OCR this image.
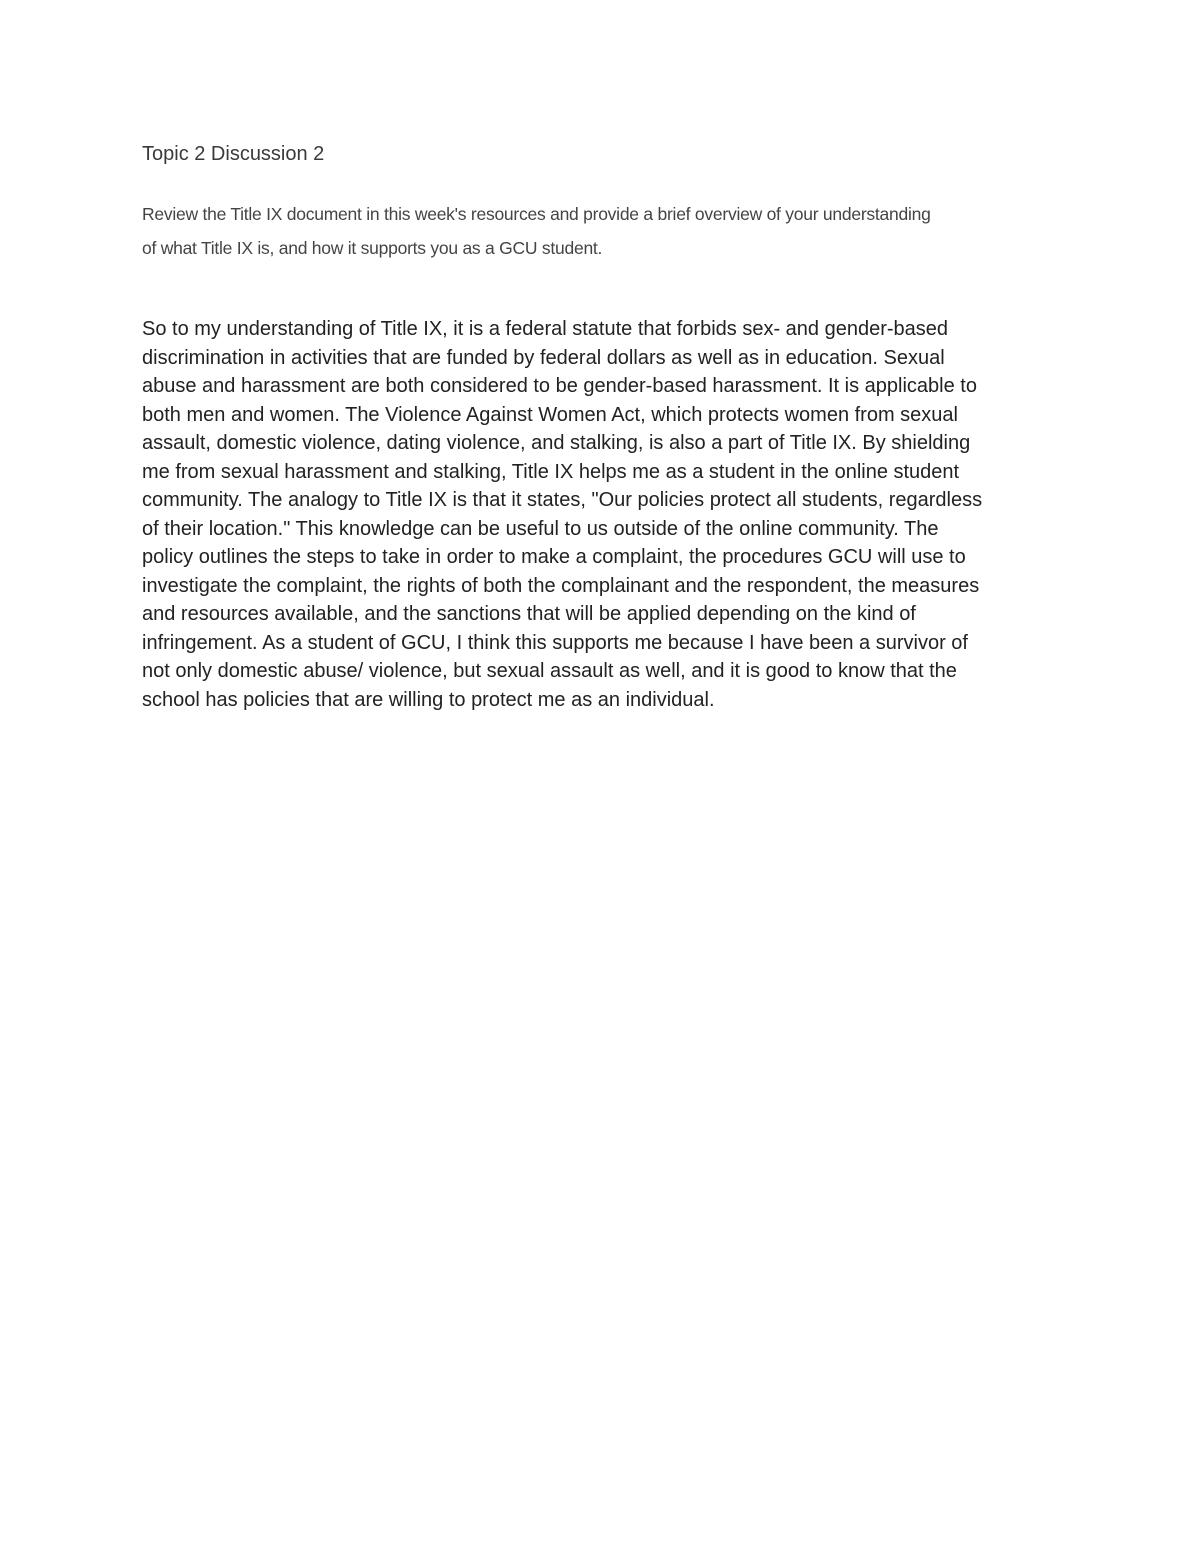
Topic 2 Discussion 2

Review the Title IX document in this week's resources and provide a brief overview of your understanding
of what Title IX is, and how it supports you as a GCU student.

So to my understanding of Title IX, it is a federal statute that forbids sex- and gender-based
discrimination in activities that are funded by federal dollars as well as in education. Sexual
abuse and harassment are both considered to be gender-based harassment. It is applicable to
both men and women. The Violence Against Women Act, which protects women from sexual
assault, domestic violence, dating violence, and stalking, is also a part of Title IX. By shielding
me from sexual harassment and stalking, Title IX helps me as a student in the online student
community. The analogy to Title IX is that it states, "Our policies protect all students, regardless
of their location." This knowledge can be useful to us outside of the online community. The
policy outlines the steps to take in order to make a complaint, the procedures GCU will use to
investigate the complaint, the rights of both the complainant and the respondent, the measures
and resources available, and the sanctions that will be applied depending on the kind of
infringement. As a student of GCU, I think this supports me because I have been a survivor of
not only domestic abuse/ violence, but sexual assault as well, and it is good to know that the
school has policies that are willing to protect me as an individual.
